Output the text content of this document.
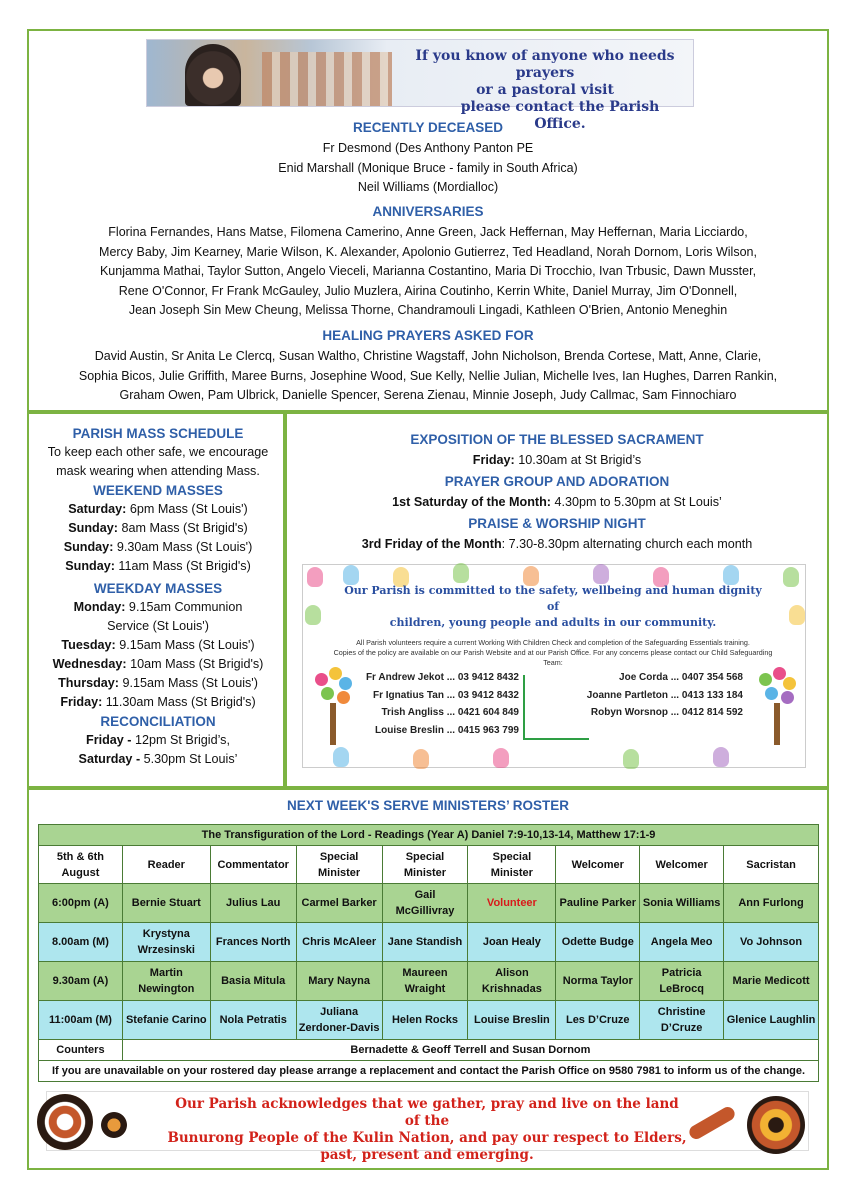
If you know of anyone who needs prayers
or a pastoral visit
please contact the Parish Office.
RECENTLY DECEASED
Fr Desmond (Des Anthony Panton PE
Enid Marshall (Monique Bruce - family in South Africa)
Neil Williams (Mordialloc)
ANNIVERSARIES
Florina Fernandes, Hans Matse, Filomena Camerino, Anne Green, Jack Heffernan, May Heffernan, Maria Licciardo,
Mercy Baby, Jim Kearney, Marie Wilson, K. Alexander, Apolonio Gutierrez, Ted Headland, Norah Dornom, Loris Wilson,
Kunjamma Mathai, Taylor Sutton, Angelo Vieceli, Marianna Costantino, Maria Di Trocchio, Ivan Trbusic, Dawn Musster,
Rene O'Connor, Fr Frank McGauley, Julio Muzlera, Airina Coutinho, Kerrin White, Daniel Murray, Jim O'Donnell,
Jean Joseph Sin Mew Cheung, Melissa Thorne, Chandramouli Lingadi, Kathleen O'Brien, Antonio Meneghin
HEALING PRAYERS ASKED FOR
David Austin, Sr Anita Le Clercq, Susan Waltho, Christine Wagstaff, John Nicholson, Brenda Cortese, Matt, Anne, Clarie,
Sophia Bicos, Julie Griffith, Maree Burns, Josephine Wood, Sue Kelly, Nellie Julian, Michelle Ives, Ian Hughes, Darren Rankin,
Graham Owen, Pam Ulbrick, Danielle Spencer, Serena Zienau, Minnie Joseph, Judy Callmac, Sam Finnochiaro
PARISH MASS SCHEDULE
To keep each other safe, we encourage
mask wearing when attending Mass.
WEEKEND MASSES
Saturday: 6pm Mass (St Louis')
Sunday: 8am Mass (St Brigid's)
Sunday: 9.30am Mass (St Louis')
Sunday: 11am Mass (St Brigid's)
WEEKDAY MASSES
Monday: 9.15am Communion
Service (St Louis')
Tuesday: 9.15am Mass (St Louis')
Wednesday: 10am Mass (St Brigid's)
Thursday: 9.15am Mass (St Louis')
Friday: 11.30am Mass (St Brigid's)
RECONCILIATION
Friday - 12pm St Brigid’s,
Saturday - 5.30pm St Louis’
EXPOSITION OF THE BLESSED SACRAMENT
Friday: 10.30am at St Brigid’s
PRAYER GROUP AND ADORATION
1st Saturday of the Month: 4.30pm to 5.30pm at St Louis’
PRAISE & WORSHIP NIGHT
3rd Friday of the Month: 7.30-8.30pm alternating church each month
Our Parish is committed to the safety, wellbeing and human dignity of
children, young people and adults in our community.
All Parish volunteers require a current Working With Children Check and completion of the Safeguarding Essentials training.
Copies of the policy are available on our Parish Website and at our Parish Office. For any concerns please contact our Child Safeguarding Team:
Fr Andrew Jekot ... 03 9412 8432
Fr Ignatius Tan ... 03 9412 8432
Trish Angliss ... 0421 604 849
Louise Breslin ... 0415 963 799
Joe Corda ... 0407 354 568
Joanne Partleton ... 0413 133 184
Robyn Worsnop ... 0412 814 592
NEXT WEEK'S SERVE MINISTERS’ ROSTER
The Transfiguration of the Lord - Readings (Year A) Daniel 7:9-10,13-14, Matthew 17:1-9								
5th & 6th August	Reader	Commentator	Special Minister	Special Minister	Special Minister	Welcomer	Welcomer	Sacristan
6:00pm (A)	Bernie Stuart	Julius Lau	Carmel Barker	Gail McGillivray	Volunteer	Pauline Parker	Sonia Williams	Ann Furlong
8.00am (M)	Krystyna Wrzesinski	Frances North	Chris McAleer	Jane Standish	Joan Healy	Odette Budge	Angela Meo	Vo Johnson
9.30am (A)	Martin Newington	Basia Mitula	Mary Nayna	Maureen Wraight	Alison Krishnadas	Norma Taylor	Patricia LeBrocq	Marie Medicott
11:00am (M)	Stefanie Carino	Nola Petratis	Juliana Zerdoner-Davis	Helen Rocks	Louise Breslin	Les D’Cruze	Christine D’Cruze	Glenice Laughlin
Counters	Bernadette & Geoff Terrell and Susan Dornom							
If you are unavailable on your rostered day please arrange a replacement and contact the Parish Office on 9580 7981 to inform us of the change.								
Our Parish acknowledges that we gather, pray and live on the land of the
Bunurong People of the Kulin Nation, and pay our respect to Elders,
past, present and emerging.
